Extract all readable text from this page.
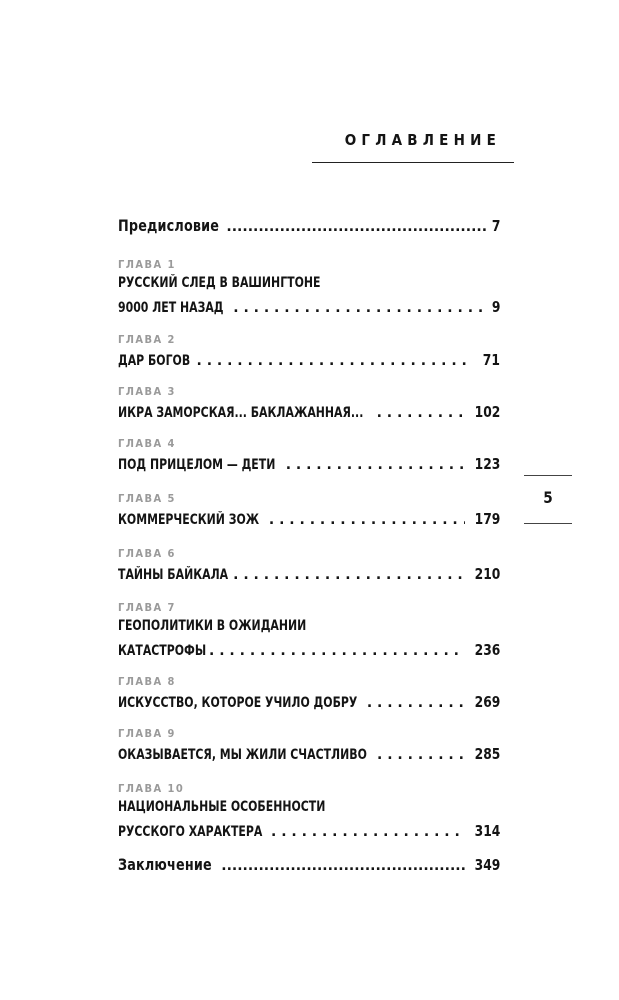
ОГЛАВЛЕНИЕ
Предисловие .....	7
ГЛАВА 1
РУССКИЙ СЛЕД В ВАШИНГТОНЕ
9000 ЛЕТ НАЗАД . . .	9
ГЛАВА 2
ДАР БОГОВ . . .	71
ГЛАВА 3
ИКРА ЗАМОРСКАЯ... БАКЛАЖАННАЯ... . . .	102
ГЛАВА 4
ПОД ПРИЦЕЛОМ — ДЕТИ . . .	123
ГЛАВА 5
КОММЕРЧЕСКИЙ ЗОЖ . . .	179
ГЛАВА 6
ТАЙНЫ БАЙКАЛА . . .	210
ГЛАВА 7
ГЕОПОЛИТИКИ В ОЖИДАНИИ
КАТАСТРОФЫ . . .	236
ГЛАВА 8
ИСКУССТВО, КОТОРОЕ УЧИЛО ДОБРУ . . .	269
ГЛАВА 9
ОКАЗЫВАЕТСЯ, МЫ ЖИЛИ СЧАСТЛИВО . . .	285
ГЛАВА 10
НАЦИОНАЛЬНЫЕ ОСОБЕННОСТИ
РУССКОГО ХАРАКТЕРА . . .	314
Заключение .....	349
5
